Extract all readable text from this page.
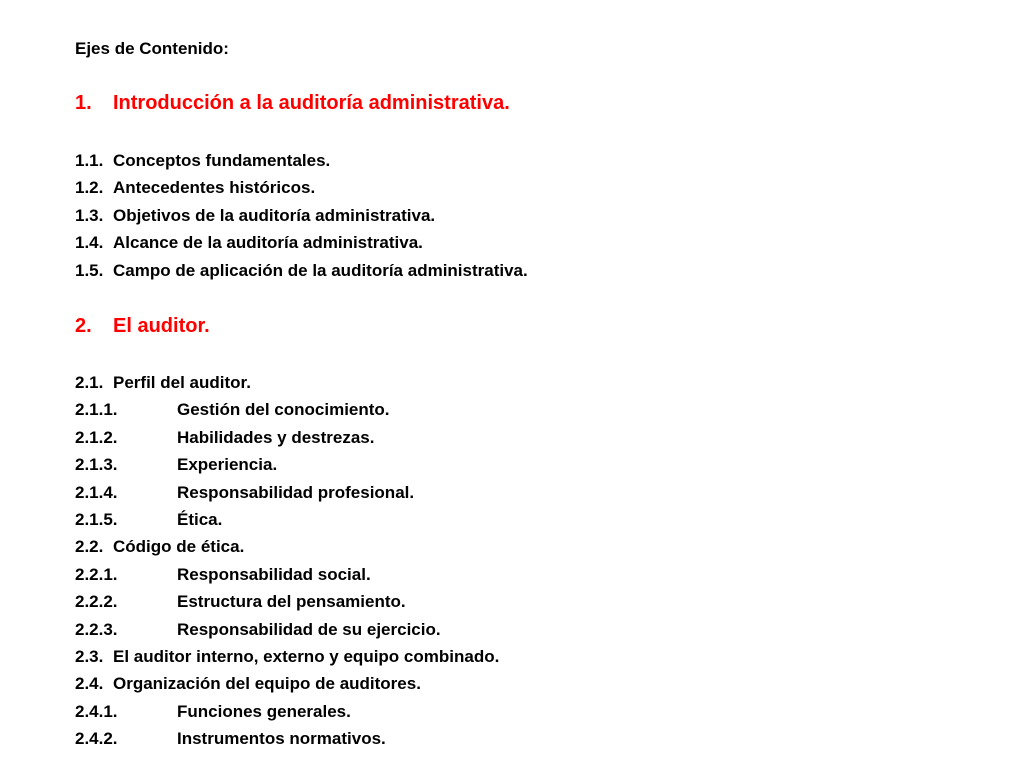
Ejes de Contenido:
1. Introducción a la auditoría administrativa.
1.1. Conceptos fundamentales.
1.2. Antecedentes históricos.
1.3. Objetivos de la auditoría administrativa.
1.4. Alcance de la auditoría administrativa.
1.5. Campo de aplicación de la auditoría administrativa.
2. El auditor.
2.1. Perfil del auditor.
2.1.1.	Gestión del conocimiento.
2.1.2.	Habilidades y destrezas.
2.1.3.	Experiencia.
2.1.4.	Responsabilidad profesional.
2.1.5.	Ética.
2.2. Código de ética.
2.2.1.	Responsabilidad social.
2.2.2.	Estructura del pensamiento.
2.2.3.	Responsabilidad de su ejercicio.
2.3. El auditor interno, externo y equipo combinado.
2.4. Organización del equipo de auditores.
2.4.1.	Funciones generales.
2.4.2.	Instrumentos normativos.
